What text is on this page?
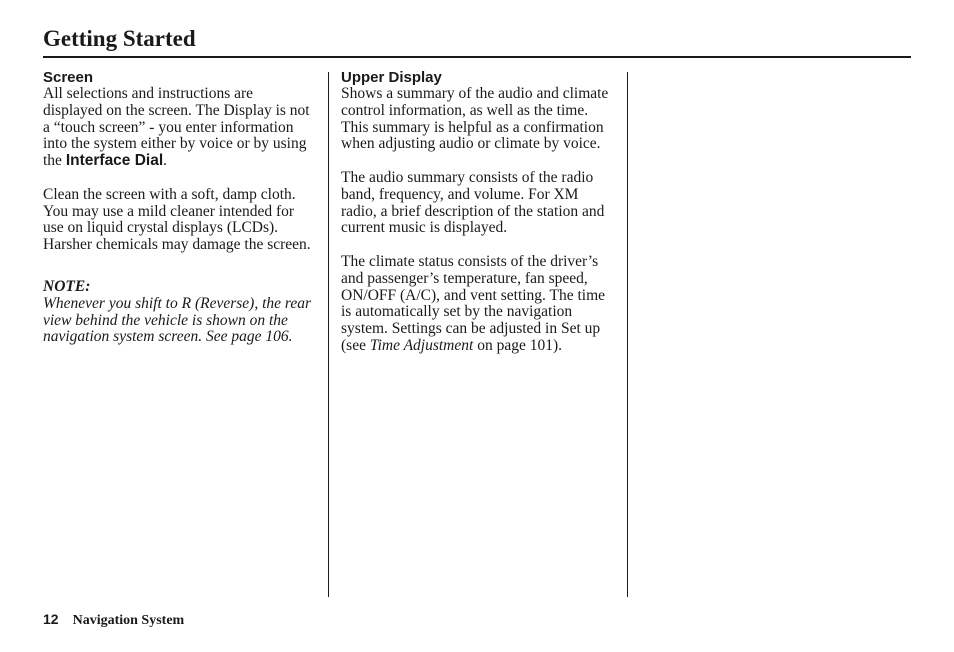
Getting Started
Screen

All selections and instructions are displayed on the screen. The Display is not a “touch screen” - you enter information into the system either by voice or by using the Interface Dial.

Clean the screen with a soft, damp cloth. You may use a mild cleaner intended for use on liquid crystal displays (LCDs). Harsher chemicals may damage the screen.

NOTE:

Whenever you shift to R (Reverse), the rear view behind the vehicle is shown on the navigation system screen. See page 106.

Upper Display

Shows a summary of the audio and climate control information, as well as the time. This summary is helpful as a confirmation when adjusting audio or climate by voice.

The audio summary consists of the radio band, frequency, and volume. For XM radio, a brief description of the station and current music is displayed.

The climate status consists of the driver’s and passenger’s temperature, fan speed, ON/OFF (A/C), and vent setting. The time is automatically set by the navigation system. Settings can be adjusted in Set up (see Time Adjustment on page 101).

12 Navigation System
